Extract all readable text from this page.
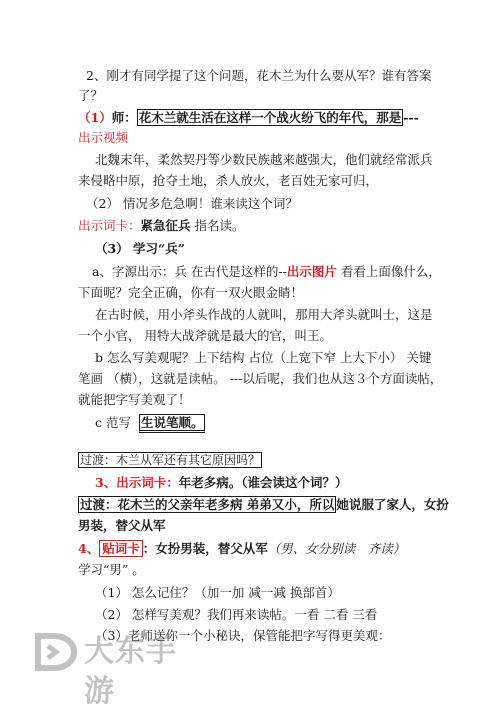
2、刚才有同学提了这个问题，花木兰为什么要从军？谁有答案
了？
（1）师： 花木兰就生活在这样一个战火纷飞的年代，那是 ---
出示视频
北魏末年，柔然契丹等少数民族越来越强大，他们就经常派兵
来侵略中原，抢夺土地，杀人放火，老百姓无家可归，
（2） 情况多危急啊！谁来读这个词？
出示词卡：紧急征兵 指名读。
（3） 学习“兵”
a、字源出示：兵 在古代是这样的--出示图片 看看上面像什么，
下面呢？完全正确，你有一双火眼金睛！
在古时候，用小斧头作战的人就叫，那用大斧头就叫士，这是
一个小官， 用特大战斧就是最大的官，叫王。
b 怎么写美观呢？上下结构 占位（上宽下窄 上大下小） 关键
笔画 （横），这就是读帖。 ---以后呢，我们也从这３个方面读帖，
就能把字写美观了！
c 范写 生说笔顺。
过渡：木兰从军还有其它原因吗？
3、出示词卡：年老多病。（谁会读这个词？）
过渡：花木兰的父亲年老多病 弟弟又小，所以 她说服了家人，女扮
男装，替父从军
4、 贴词卡 ：女扮男装，替父从军（男、女分别读　齐读）
学习“男” 。
（1） 怎么记住？（加一加 减一减 换部首）
（2） 怎样写美观？我们再来读帖。一看 二看 三看
（3）老师送你一个小秘诀，保管能把字写得更美观：
大东手游
